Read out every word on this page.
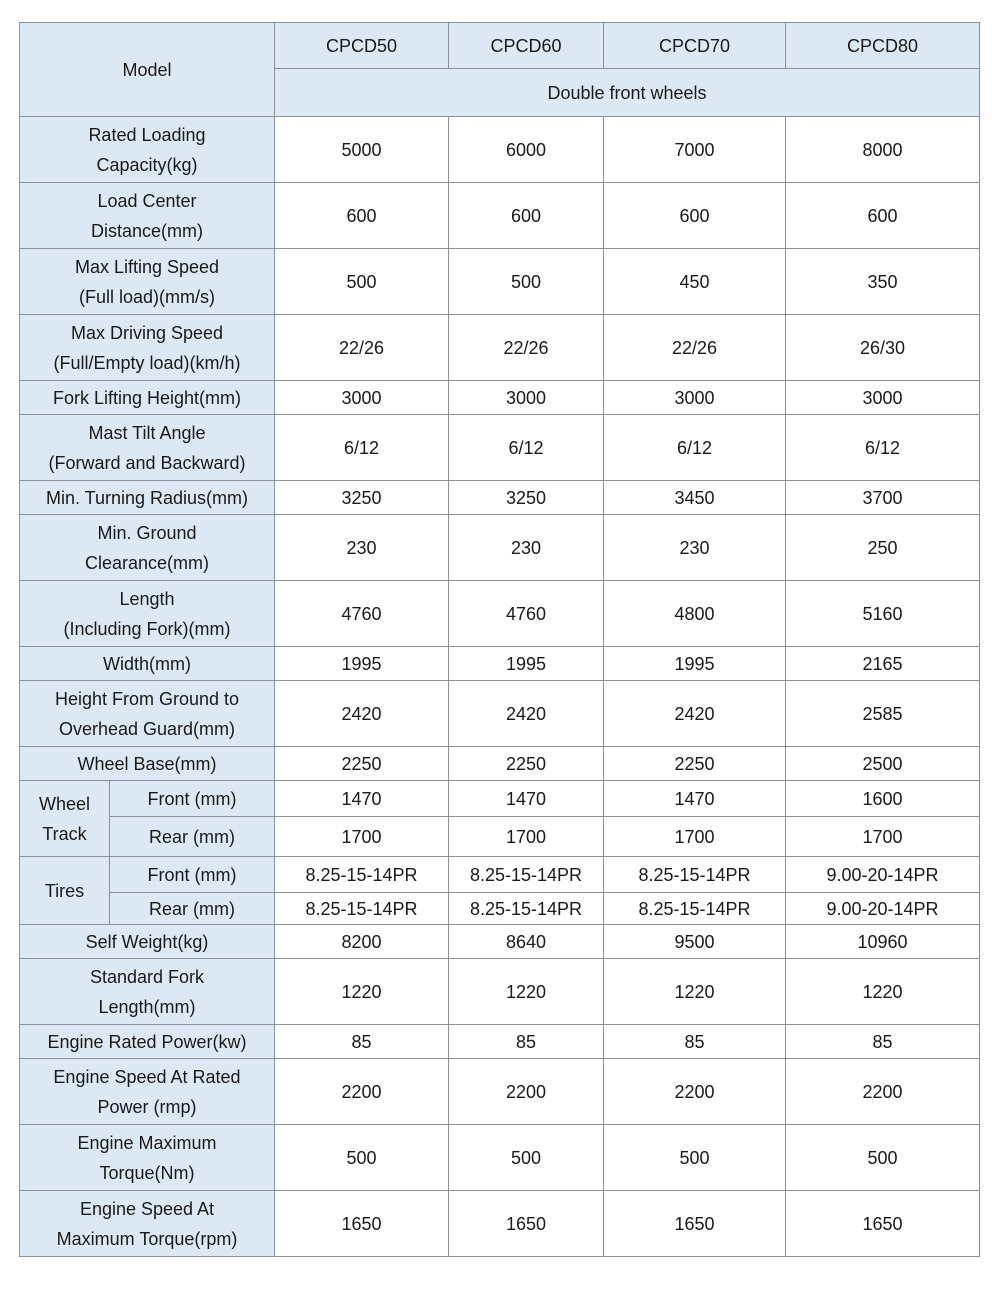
Model		CPCD50	CPCD60	CPCD70	CPCD80
		Double front wheels			

Rated Loading
Capacity(kg)		5000	6000	7000	8000

Load Center
Distance(mm)		600	600	600	600

Max Lifting Speed
(Full load)(mm/s)		500	500	450	350

Max Driving Speed
(Full/Empty load)(km/h)		22/26	22/26	22/26	26/30

Fork Lifting Height(mm)		3000	3000	3000	3000

Mast Tilt Angle
(Forward and Backward)		6/12	6/12	6/12	6/12

Min. Turning Radius(mm)		3250	3250	3450	3700

Min. Ground
Clearance(mm)		230	230	230	250

Length
(Including Fork)(mm)		4760	4760	4800	5160

Width(mm)		1995	1995	1995	2165

Height From Ground to
Overhead Guard(mm)		2420	2420	2420	2585

Wheel Base(mm)		2250	2250	2250	2500

Wheel
Track	Front (mm)	1470	1470	1470	1600
	Rear (mm)	1700	1700	1700	1700

Tires	Front (mm)	8.25-15-14PR	8.25-15-14PR	8.25-15-14PR	9.00-20-14PR
	Rear (mm)	8.25-15-14PR	8.25-15-14PR	8.25-15-14PR	9.00-20-14PR

Self Weight(kg)		8200	8640	9500	10960

Standard Fork
Length(mm)		1220	1220	1220	1220

Engine Rated Power(kw)		85	85	85	85

Engine Speed At Rated
Power (rmp)		2200	2200	2200	2200

Engine Maximum
Torque(Nm)		500	500	500	500

Engine Speed At
Maximum Torque(rpm)		1650	1650	1650	1650
